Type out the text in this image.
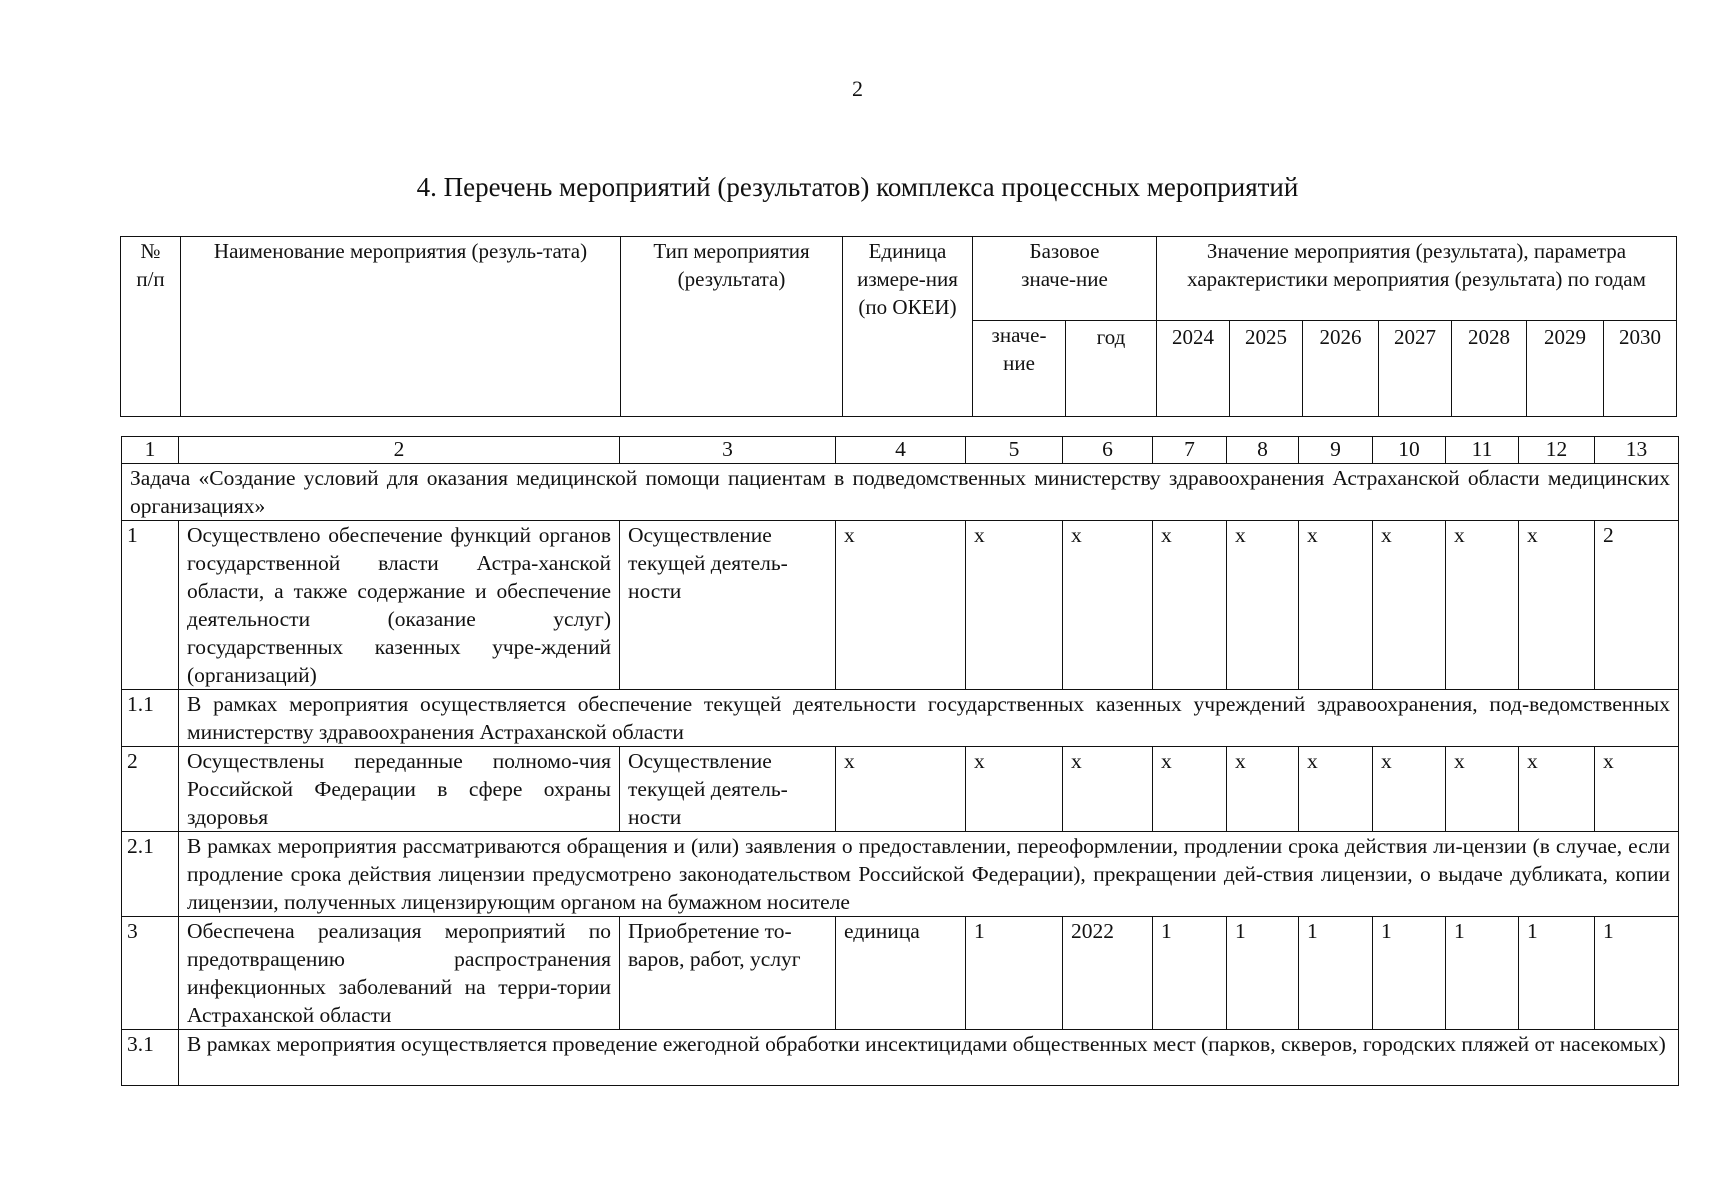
2
4. Перечень мероприятий (результатов) комплекса процессных мероприятий
№ п/п	Наименование мероприятия (резуль-тата)	Тип мероприятия (результата)	Единица измере-ния (по ОКЕИ)	Базовое значе-ние		Значение мероприятия (результата), параметра характеристики мероприятия (результата) по годам						
				значе-ние	год	2024	2025	2026	2027	2028	2029	2030
1	2	3	4	5	6	7	8	9	10	11	12	13
Задача «Создание условий для оказания медицинской помощи пациентам в подведомственных министерству здравоохранения Астраханской области медицинских организациях»												
1	Осуществлено обеспечение функций органов государственной власти Астра-ханской области, а также содержание и обеспечение деятельности (оказание услуг) государственных казенных учре-ждений (организаций)	Осуществление текущей деятель-ности	х	х	х	х	х	х	х	х	х	2
1.1	В рамках мероприятия осуществляется обеспечение текущей деятельности государственных казенных учреждений здравоохранения, под-ведомственных министерству здравоохранения Астраханской области											
2	Осуществлены переданные полномо-чия Российской Федерации в сфере охраны здоровья	Осуществление текущей деятель-ности	х	х	х	х	х	х	х	х	х	х
2.1	В рамках мероприятия рассматриваются обращения и (или) заявления о предоставлении, переоформлении, продлении срока действия ли-цензии (в случае, если продление срока действия лицензии предусмотрено законодательством Российской Федерации), прекращении дей-ствия лицензии, о выдаче дубликата, копии лицензии, полученных лицензирующим органом на бумажном носителе											
3	Обеспечена реализация мероприятий по предотвращению распространения инфекционных заболеваний на терри-тории Астраханской области	Приобретение то-варов, работ, услуг	единица	1	2022	1	1	1	1	1	1	1
3.1	В рамках мероприятия осуществляется проведение ежегодной обработки инсектицидами общественных мест (парков, скверов, городских пляжей от насекомых)											
